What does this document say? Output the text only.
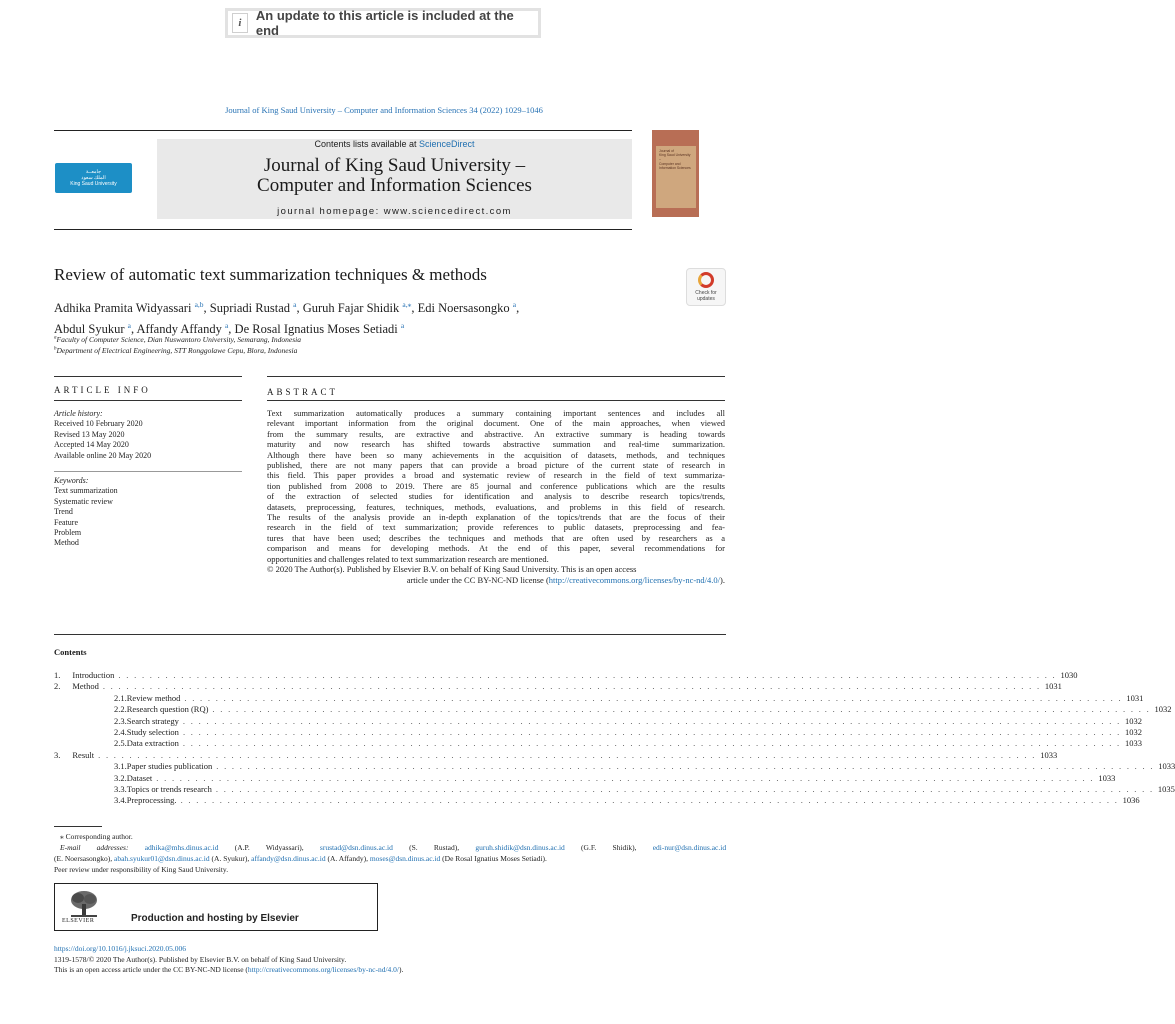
i	An update to this article is included at the end
Journal of King Saud University – Computer and Information Sciences 34 (2022) 1029–1046
جامعــة
الملك سعود
King Saud University
Contents lists available at ScienceDirect
Journal of King Saud University –
Computer and Information Sciences
journal homepage: www.sciencedirect.com
Journal of
King Saud University –
Computer and
Information Sciences
Review of automatic text summarization techniques & methods
Check for
updates
Adhika Pramita Widyassari $^{a,b}$, Supriadi Rustad $^a$, Guruh Fajar Shidik $^{a,⁎}$, Edi Noersasongko $^a$,
Abdul Syukur $^a$, Affandy Affandy $^a$, De Rosal Ignatius Moses Setiadi $^a$
$^a$Faculty of Computer Science, Dian Nuswantoro University, Semarang, Indonesia
$^b$Department of Electrical Engineering, STT Ronggolawe Cepu, Blora, Indonesia
ARTICLE INFO	ABSTRACT
Article history:
Received 10 February 2020
Revised 13 May 2020
Accepted 14 May 2020
Available online 20 May 2020
Keywords:
Text summarization
Systematic review
Trend
Feature
Problem
Method

Text summarization automatically produces a summary containing important sentences and includes all
relevant important information from the original document. One of the main approaches, when viewed
from the summary results, are extractive and abstractive. An extractive summary is heading towards
maturity and now research has shifted towards abstractive summation and real-time summarization.
Although there have been so many achievements in the acquisition of datasets, methods, and techniques
published, there are not many papers that can provide a broad picture of the current state of research in
this field. This paper provides a broad and systematic review of research in the field of text summariza-
tion published from 2008 to 2019. There are 85 journal and conference publications which are the results
of the extraction of selected studies for identification and analysis to describe research topics/trends,
datasets, preprocessing, features, techniques, methods, evaluations, and problems in this field of research.
The results of the analysis provide an in-depth explanation of the topics/trends that are the focus of their
research in the field of text summarization; provide references to public datasets, preprocessing and fea-
tures that have been used; describes the techniques and methods that are often used by researchers as a
comparison and means for developing methods. At the end of this paper, several recommendations for
opportunities and challenges related to text summarization research are mentioned.

© 2020 The Author(s). Published by Elsevier B.V. on behalf of King Saud University. This is an open access

article under the CC BY-NC-ND license (http://creativecommons.org/licenses/by-nc-nd/4.0/).

Contents
1.	Introduction . . . . . . . . . . . . . . . . . . . . . . . . . . . . . . . . . . . . . . . . . . . . . . . . . . . . . . . . . . . . . . . . . . . . . . . . . . . . . . . . . . . . . . . . . . . . . . . . . . . . . . . . . . . . . . . . . . . . . . . . 1030
2.	Method . . . . . . . . . . . . . . . . . . . . . . . . . . . . . . . . . . . . . . . . . . . . . . . . . . . . . . . . . . . . . . . . . . . . . . . . . . . . . . . . . . . . . . . . . . . . . . . . . . . . . . . . . . . . . . . . . . . . . . . . 1031
2.1. Review method . . . . . . . . . . . . . . . . . . . . . . . . . . . . . . . . . . . . . . . . . . . . . . . . . . . . . . . . . . . . . . . . . . . . . . . . . . . . . . . . . . . . . . . . . . . . . . . . . . . . . . . . . . . . . . . . . . . . . . . . 1031
2.2. Research question (RQ) . . . . . . . . . . . . . . . . . . . . . . . . . . . . . . . . . . . . . . . . . . . . . . . . . . . . . . . . . . . . . . . . . . . . . . . . . . . . . . . . . . . . . . . . . . . . . . . . . . . . . . . . . . . . . . . . . . . . . . . . 1032
2.3. Search strategy . . . . . . . . . . . . . . . . . . . . . . . . . . . . . . . . . . . . . . . . . . . . . . . . . . . . . . . . . . . . . . . . . . . . . . . . . . . . . . . . . . . . . . . . . . . . . . . . . . . . . . . . . . . . . . . . . . . . . . . . 1032
2.4. Study selection . . . . . . . . . . . . . . . . . . . . . . . . . . . . . . . . . . . . . . . . . . . . . . . . . . . . . . . . . . . . . . . . . . . . . . . . . . . . . . . . . . . . . . . . . . . . . . . . . . . . . . . . . . . . . . . . . . . . . . . . 1032
2.5. Data extraction . . . . . . . . . . . . . . . . . . . . . . . . . . . . . . . . . . . . . . . . . . . . . . . . . . . . . . . . . . . . . . . . . . . . . . . . . . . . . . . . . . . . . . . . . . . . . . . . . . . . . . . . . . . . . . . . . . . . . . . . 1033
3.	Result . . . . . . . . . . . . . . . . . . . . . . . . . . . . . . . . . . . . . . . . . . . . . . . . . . . . . . . . . . . . . . . . . . . . . . . . . . . . . . . . . . . . . . . . . . . . . . . . . . . . . . . . . . . . . . . . . . . . . . . . 1033
3.1. Paper studies publication . . . . . . . . . . . . . . . . . . . . . . . . . . . . . . . . . . . . . . . . . . . . . . . . . . . . . . . . . . . . . . . . . . . . . . . . . . . . . . . . . . . . . . . . . . . . . . . . . . . . . . . . . . . . . . . . . . . . . . . . 1033
3.2. Dataset . . . . . . . . . . . . . . . . . . . . . . . . . . . . . . . . . . . . . . . . . . . . . . . . . . . . . . . . . . . . . . . . . . . . . . . . . . . . . . . . . . . . . . . . . . . . . . . . . . . . . . . . . . . . . . . . . . . . . . . . 1033
3.3. Topics or trends research . . . . . . . . . . . . . . . . . . . . . . . . . . . . . . . . . . . . . . . . . . . . . . . . . . . . . . . . . . . . . . . . . . . . . . . . . . . . . . . . . . . . . . . . . . . . . . . . . . . . . . . . . . . . . . . . . . . . . . . . 1035
3.4. Preprocessing. . . . . . . . . . . . . . . . . . . . . . . . . . . . . . . . . . . . . . . . . . . . . . . . . . . . . . . . . . . . . . . . . . . . . . . . . . . . . . . . . . . . . . . . . . . . . . . . . . . . . . . . . . . . . . . . . . . . . . . . . 1036
⁎ Corresponding author.
E-mail addresses: adhika@mhs.dinus.ac.id (A.P. Widyassari), srustad@dsn.dinus.ac.id (S. Rustad), guruh.shidik@dsn.dinus.ac.id (G.F. Shidik), edi-nur@dsn.dinus.ac.id
(E. Noersasongko), abah.syukur01@dsn.dinus.ac.id (A. Syukur), affandy@dsn.dinus.ac.id (A. Affandy), moses@dsn.dinus.ac.id (De Rosal Ignatius Moses Setiadi).
Peer review under responsibility of King Saud University.
ELSEVIER	Production and hosting by Elsevier
https://doi.org/10.1016/j.jksuci.2020.05.006
1319-1578/© 2020 The Author(s). Published by Elsevier B.V. on behalf of King Saud University.
This is an open access article under the CC BY-NC-ND license (http://creativecommons.org/licenses/by-nc-nd/4.0/).
